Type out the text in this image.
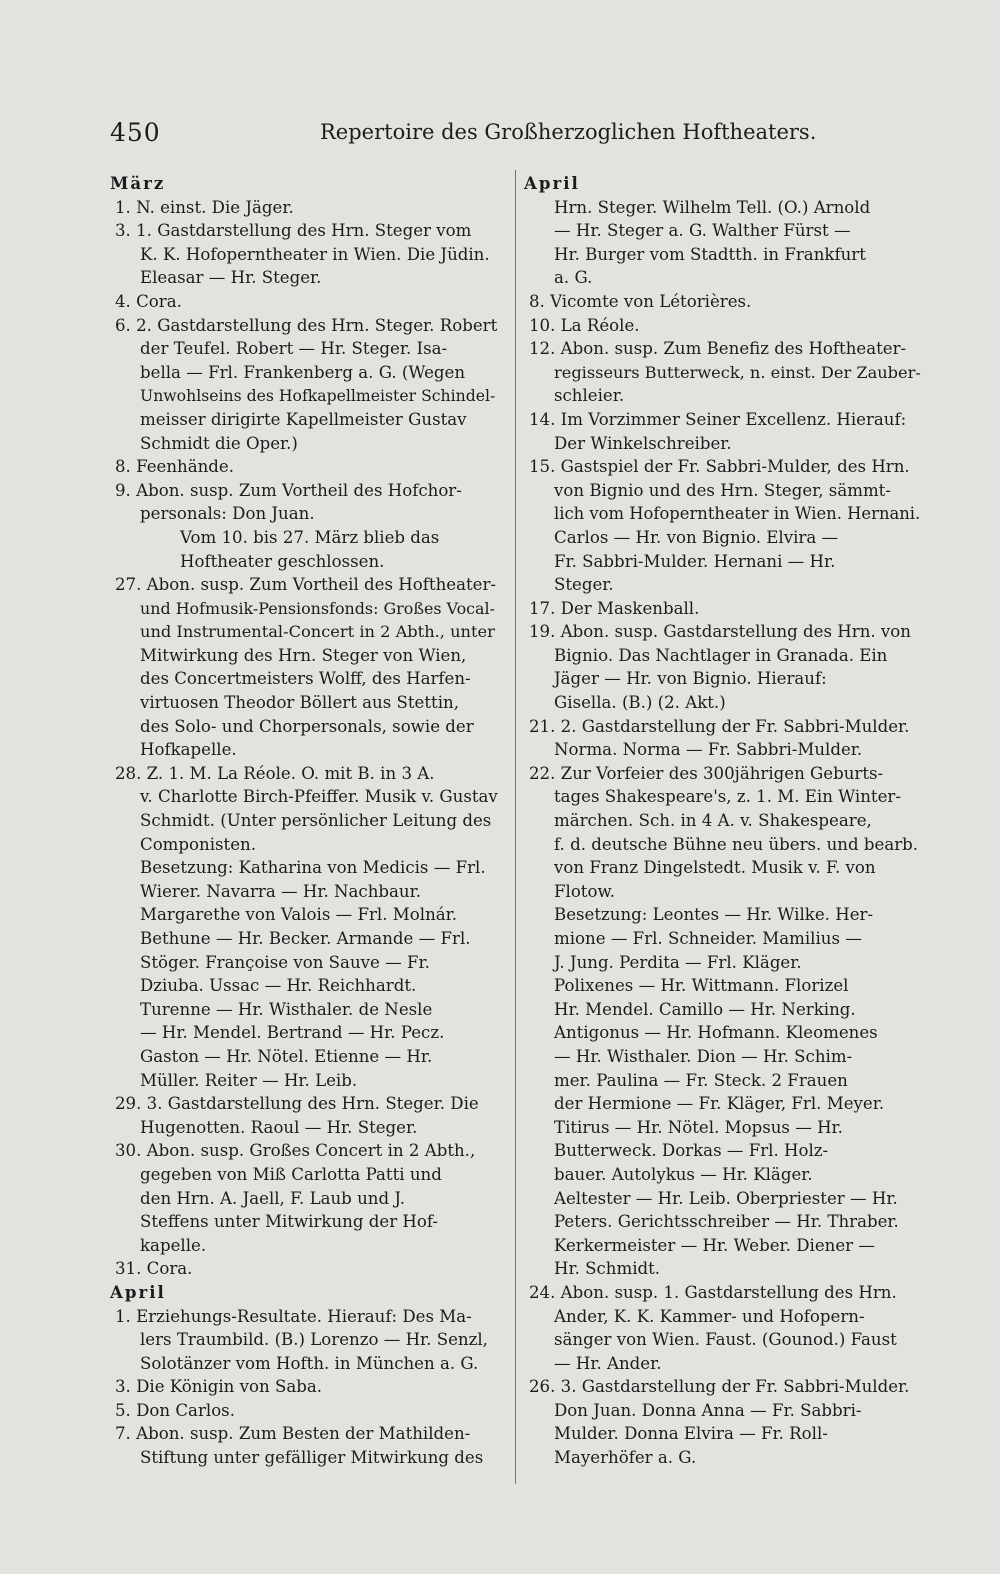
450	Repertoire des Großherzoglichen Hoftheaters.
März
1. N. einst. Die Jäger.
3. 1. Gastdarstellung des Hrn. Steger vom
K. K. Hofoperntheater in Wien. Die Jüdin.
Eleasar — Hr. Steger.
4. Cora.
6. 2. Gastdarstellung des Hrn. Steger. Robert
der Teufel. Robert — Hr. Steger. Isa-
bella — Frl. Frankenberg a. G. (Wegen
Unwohlseins des Hofkapellmeister Schindel-
meisser dirigirte Kapellmeister Gustav
Schmidt die Oper.)
8. Feenhände.
9. Abon. susp. Zum Vortheil des Hofchor-
personals: Don Juan.
Vom 10. bis 27. März blieb das
Hoftheater geschlossen.
27. Abon. susp. Zum Vortheil des Hoftheater-
und Hofmusik-Pensionsfonds: Großes Vocal-
und Instrumental-Concert in 2 Abth., unter
Mitwirkung des Hrn. Steger von Wien,
des Concertmeisters Wolff, des Harfen-
virtuosen Theodor Böllert aus Stettin,
des Solo- und Chorpersonals, sowie der
Hofkapelle.
28. Z. 1. M. La Réole. O. mit B. in 3 A.
v. Charlotte Birch-Pfeiffer. Musik v. Gustav
Schmidt. (Unter persönlicher Leitung des
Componisten.
Besetzung: Katharina von Medicis — Frl.
Wierer. Navarra — Hr. Nachbaur.
Margarethe von Valois — Frl. Molnár.
Bethune — Hr. Becker. Armande — Frl.
Stöger. Françoise von Sauve — Fr.
Dziuba. Ussac — Hr. Reichhardt.
Turenne — Hr. Wisthaler. de Nesle
— Hr. Mendel. Bertrand — Hr. Pecz.
Gaston — Hr. Nötel. Etienne — Hr.
Müller. Reiter — Hr. Leib.
29. 3. Gastdarstellung des Hrn. Steger. Die
Hugenotten. Raoul — Hr. Steger.
30. Abon. susp. Großes Concert in 2 Abth.,
gegeben von Miß Carlotta Patti und
den Hrn. A. Jaell, F. Laub und J.
Steffens unter Mitwirkung der Hof-
kapelle.
31. Cora.
April
1. Erziehungs-Resultate. Hierauf: Des Ma-
lers Traumbild. (B.) Lorenzo — Hr. Senzl,
Solotänzer vom Hofth. in München a. G.
3. Die Königin von Saba.
5. Don Carlos.
7. Abon. susp. Zum Besten der Mathilden-
Stiftung unter gefälliger Mitwirkung des
April
Hrn. Steger. Wilhelm Tell. (O.) Arnold
— Hr. Steger a. G. Walther Fürst —
Hr. Burger vom Stadtth. in Frankfurt
a. G.
8. Vicomte von Létorières.
10. La Réole.
12. Abon. susp. Zum Benefiz des Hoftheater-
regisseurs Butterweck, n. einst. Der Zauber-
schleier.
14. Im Vorzimmer Seiner Excellenz. Hierauf:
Der Winkelschreiber.
15. Gastspiel der Fr. Sabbri-Mulder, des Hrn.
von Bignio und des Hrn. Steger, sämmt-
lich vom Hofoperntheater in Wien. Hernani.
Carlos — Hr. von Bignio. Elvira —
Fr. Sabbri-Mulder. Hernani — Hr.
Steger.
17. Der Maskenball.
19. Abon. susp. Gastdarstellung des Hrn. von
Bignio. Das Nachtlager in Granada. Ein
Jäger — Hr. von Bignio. Hierauf:
Gisella. (B.) (2. Akt.)
21. 2. Gastdarstellung der Fr. Sabbri-Mulder.
Norma. Norma — Fr. Sabbri-Mulder.
22. Zur Vorfeier des 300jährigen Geburts-
tages Shakespeare's, z. 1. M. Ein Winter-
märchen. Sch. in 4 A. v. Shakespeare,
f. d. deutsche Bühne neu übers. und bearb.
von Franz Dingelstedt. Musik v. F. von
Flotow.
Besetzung: Leontes — Hr. Wilke. Her-
mione — Frl. Schneider. Mamilius —
J. Jung. Perdita — Frl. Kläger.
Polixenes — Hr. Wittmann. Florizel
Hr. Mendel. Camillo — Hr. Nerking.
Antigonus — Hr. Hofmann. Kleomenes
— Hr. Wisthaler. Dion — Hr. Schim-
mer. Paulina — Fr. Steck. 2 Frauen
der Hermione — Fr. Kläger, Frl. Meyer.
Titirus — Hr. Nötel. Mopsus — Hr.
Butterweck. Dorkas — Frl. Holz-
bauer. Autolykus — Hr. Kläger.
Aeltester — Hr. Leib. Oberpriester — Hr.
Peters. Gerichtsschreiber — Hr. Thraber.
Kerkermeister — Hr. Weber. Diener —
Hr. Schmidt.
24. Abon. susp. 1. Gastdarstellung des Hrn.
Ander, K. K. Kammer- und Hofopern-
sänger von Wien. Faust. (Gounod.) Faust
— Hr. Ander.
26. 3. Gastdarstellung der Fr. Sabbri-Mulder.
Don Juan. Donna Anna — Fr. Sabbri-
Mulder. Donna Elvira — Fr. Roll-
Mayerhöfer a. G.
